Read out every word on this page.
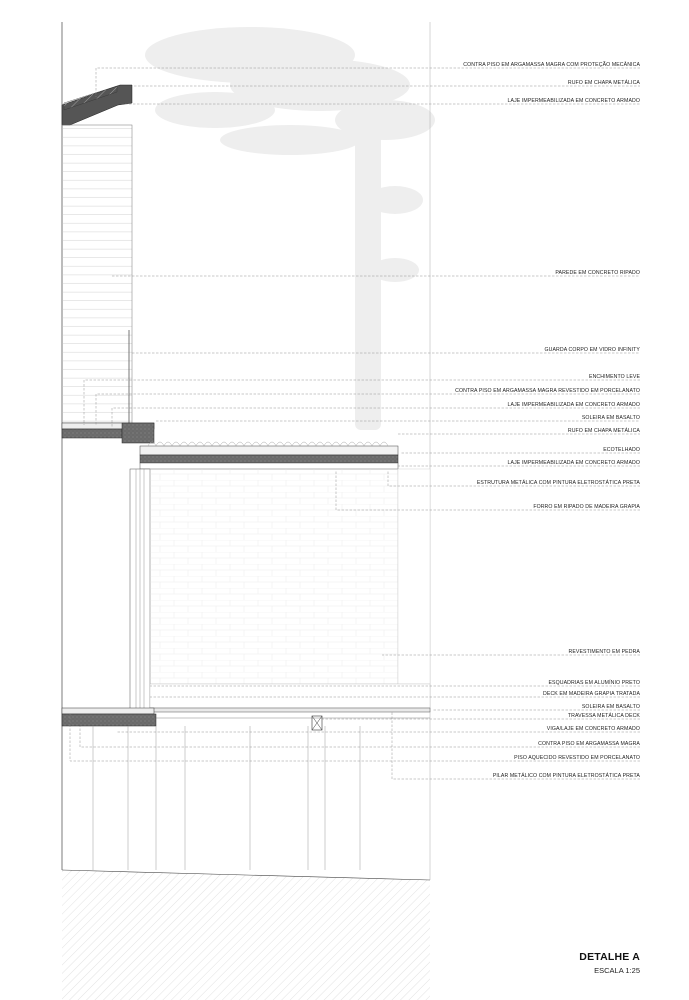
CONTRA PISO EM ARGAMASSA MAGRA COM PROTEÇÃO MECÂNICA
RUFO EM CHAPA METÁLICA
LAJE IMPERMEABILIZADA EM CONCRETO ARMADO
PAREDE EM CONCRETO RIPADO
GUARDA CORPO EM VIDRO INFINITY
ENCHIMENTO LEVE
CONTRA PISO EM ARGAMASSA MAGRA REVESTIDO EM PORCELANATO
LAJE IMPERMEABILIZADA EM CONCRETO ARMADO
SOLEIRA EM BASALTO
RUFO EM CHAPA METÁLICA
ECOTELHADO
LAJE IMPERMEABILIZADA EM CONCRETO ARMADO
ESTRUTURA METÁLICA COM PINTURA ELETROSTÁTICA PRETA
FORRO EM RIPADO DE MADEIRA GRAPIA
REVESTIMENTO EM PEDRA
ESQUADRIAS EM ALUMÍNIO PRETO
DECK EM MADEIRA GRAPIA TRATADA
SOLEIRA EM BASALTO
TRAVESSA METÁLICA DECK
VIGA/LAJE EM CONCRETO ARMADO
CONTRA PISO EM ARGAMASSA MAGRA
PISO AQUECIDO REVESTIDO EM PORCELANATO
PILAR METÁLICO COM PINTURA ELETROSTÁTICA PRETA
DETALHE A
ESCALA 1:25
